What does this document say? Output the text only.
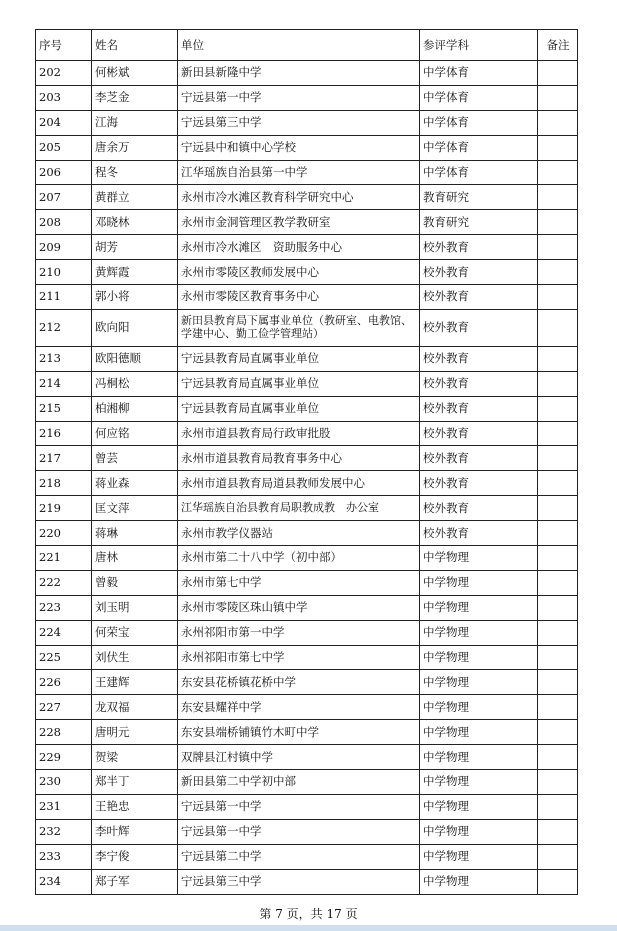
序号	姓名	单位	参评学科	备注
202	何彬斌	新田县新隆中学	中学体育	
203	李芝金	宁远县第一中学	中学体育	
204	江海	宁远县第三中学	中学体育	
205	唐余万	宁远县中和镇中心学校	中学体育	
206	程冬	江华瑶族自治县第一中学	中学体育	
207	黄群立	永州市冷水滩区教育科学研究中心	教育研究	
208	邓晓林	永州市金洞管理区教学教研室	教育研究	
209	胡芳	永州市冷水滩区　资助服务中心	校外教育	
210	黄辉霞	永州市零陵区教师发展中心	校外教育	
211	郭小将	永州市零陵区教育事务中心	校外教育	
212	欧向阳	新田县教育局下属事业单位（教研室、电教馆、学建中心、勤工俭学管理站）	校外教育	
213	欧阳德顺	宁远县教育局直属事业单位	校外教育	
214	冯桐松	宁远县教育局直属事业单位	校外教育	
215	柏湘柳	宁远县教育局直属事业单位	校外教育	
216	何应铭	永州市道县教育局行政审批股	校外教育	
217	曾芸	永州市道县教育局教育事务中心	校外教育	
218	蒋业森	永州市道县教育局道县教师发展中心	校外教育	
219	匡文萍	江华瑶族自治县教育局职教成教　办公室	校外教育	
220	蒋琳	永州市教学仪器站	校外教育	
221	唐林	永州市第二十八中学（初中部）	中学物理	
222	曾毅	永州市第七中学	中学物理	
223	刘玉明	永州市零陵区珠山镇中学	中学物理	
224	何荣宝	永州祁阳市第一中学	中学物理	
225	刘伏生	永州祁阳市第七中学	中学物理	
226	王建辉	东安县花桥镇花桥中学	中学物理	
227	龙双福	东安县耀祥中学	中学物理	
228	唐明元	东安县端桥铺镇竹木町中学	中学物理	
229	贺梁	双牌县江村镇中学	中学物理	
230	郑半丁	新田县第二中学初中部	中学物理	
231	王艳忠	宁远县第一中学	中学物理	
232	李叶辉	宁远县第一中学	中学物理	
233	李宁俊	宁远县第二中学	中学物理	
234	郑子军	宁远县第三中学	中学物理	
第 7 页，共 17 页
